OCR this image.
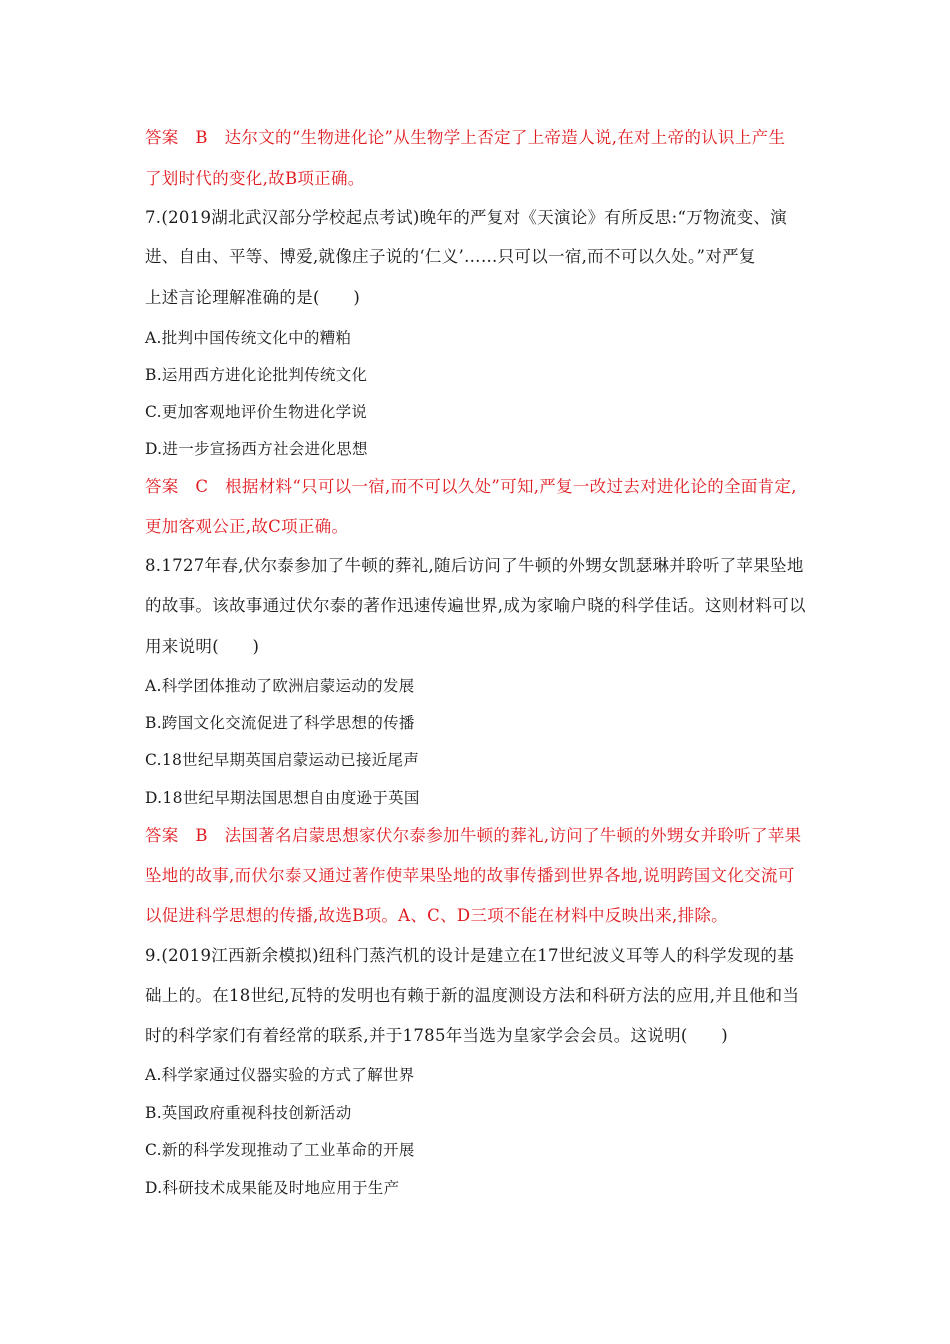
答案　B　达尔文的“生物进化论”从生物学上否定了上帝造人说,在对上帝的认识上产生
了划时代的变化,故B项正确。
7.(2019湖北武汉部分学校起点考试)晚年的严复对《天演论》有所反思:“万物流变、演
进、自由、平等、博爱,就像庄子说的‘仁义’……只可以一宿,而不可以久处。”对严复
上述言论理解准确的是(　　)
A.批判中国传统文化中的糟粕
B.运用西方进化论批判传统文化
C.更加客观地评价生物进化学说
D.进一步宣扬西方社会进化思想
答案　C　根据材料“只可以一宿,而不可以久处”可知,严复一改过去对进化论的全面肯定,
更加客观公正,故C项正确。
8.1727年春,伏尔泰参加了牛顿的葬礼,随后访问了牛顿的外甥女凯瑟琳并聆听了苹果坠地
的故事。该故事通过伏尔泰的著作迅速传遍世界,成为家喻户晓的科学佳话。这则材料可以
用来说明(　　)
A.科学团体推动了欧洲启蒙运动的发展
B.跨国文化交流促进了科学思想的传播
C.18世纪早期英国启蒙运动已接近尾声
D.18世纪早期法国思想自由度逊于英国
答案　B　法国著名启蒙思想家伏尔泰参加牛顿的葬礼,访问了牛顿的外甥女并聆听了苹果
坠地的故事,而伏尔泰又通过著作使苹果坠地的故事传播到世界各地,说明跨国文化交流可
以促进科学思想的传播,故选B项。A、C、D三项不能在材料中反映出来,排除。
9.(2019江西新余模拟)纽科门蒸汽机的设计是建立在17世纪波义耳等人的科学发现的基
础上的。在18世纪,瓦特的发明也有赖于新的温度测设方法和科研方法的应用,并且他和当
时的科学家们有着经常的联系,并于1785年当选为皇家学会会员。这说明(　　)
A.科学家通过仪器实验的方式了解世界
B.英国政府重视科技创新活动
C.新的科学发现推动了工业革命的开展
D.科研技术成果能及时地应用于生产
